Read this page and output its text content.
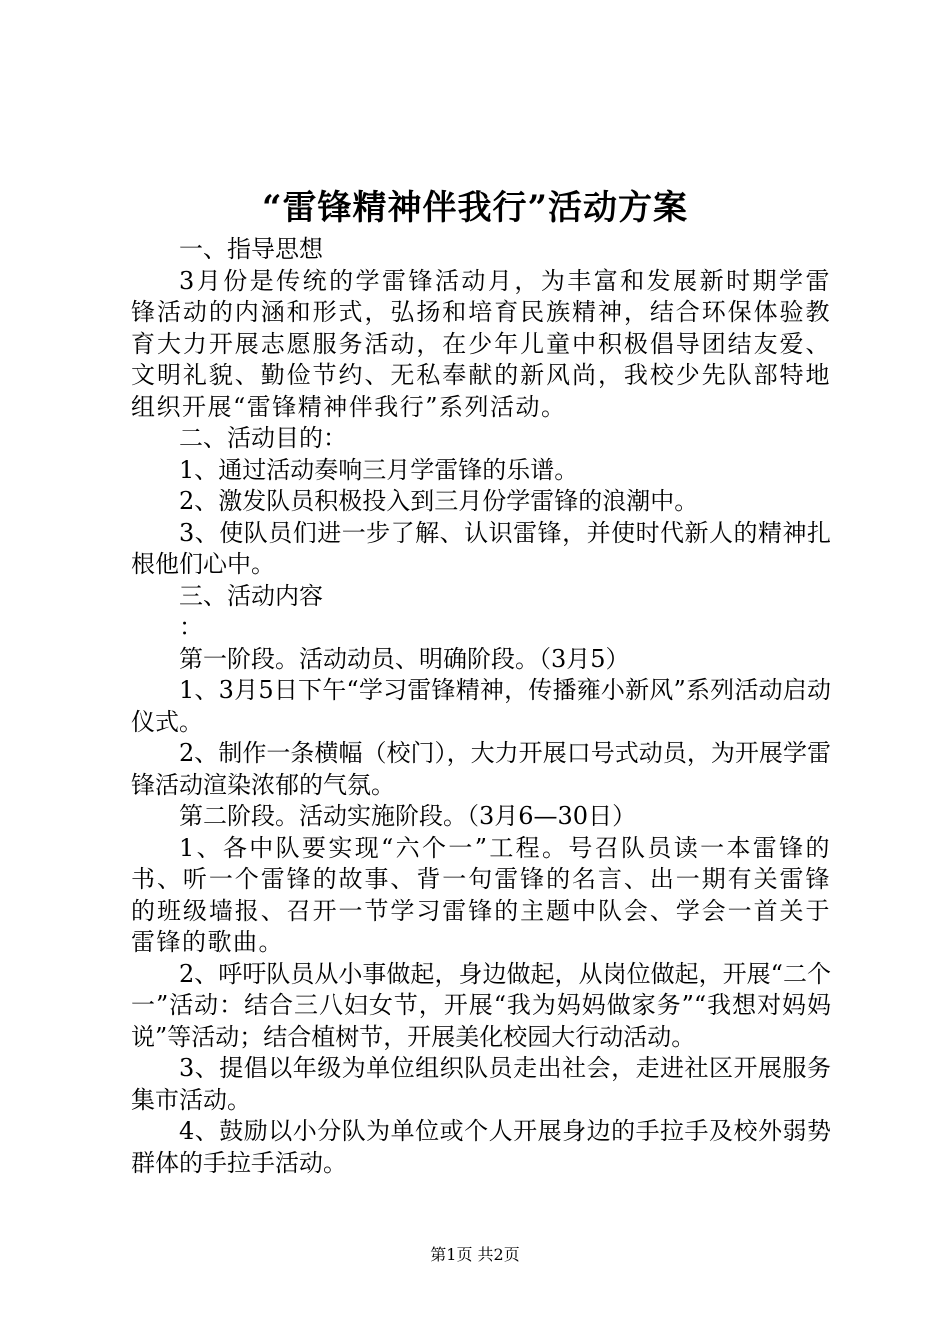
“雷锋精神伴我行”活动方案

一、指导思想

3月份是传统的学雷锋活动月，为丰富和发展新时期学雷锋活动的内涵和形式，弘扬和培育民族精神，结合环保体验教育大力开展志愿服务活动，在少年儿童中积极倡导团结友爱、文明礼貌、勤俭节约、无私奉献的新风尚，我校少先队部特地组织开展“雷锋精神伴我行”系列活动。

二、活动目的：

1、通过活动奏响三月学雷锋的乐谱。

2、激发队员积极投入到三月份学雷锋的浪潮中。

3、使队员们进一步了解、认识雷锋，并使时代新人的精神扎根他们心中。

三、活动内容

：

第一阶段。活动动员、明确阶段。（3月5）

1、3月5日下午“学习雷锋精神，传播雍小新风”系列活动启动仪式。

2、制作一条横幅（校门），大力开展口号式动员，为开展学雷锋活动渲染浓郁的气氛。

第二阶段。活动实施阶段。（3月6—30日）

1、各中队要实现“六个一”工程。号召队员读一本雷锋的书、听一个雷锋的故事、背一句雷锋的名言、出一期有关雷锋的班级墙报、召开一节学习雷锋的主题中队会、学会一首关于雷锋的歌曲。

2、呼吁队员从小事做起，身边做起，从岗位做起，开展“二个一”活动：结合三八妇女节，开展“我为妈妈做家务”“我想对妈妈说”等活动；结合植树节，开展美化校园大行动活动。

3、提倡以年级为单位组织队员走出社会，走进社区开展服务集市活动。

4、鼓励以小分队为单位或个人开展身边的手拉手及校外弱势群体的手拉手活动。

第1页 共2页
